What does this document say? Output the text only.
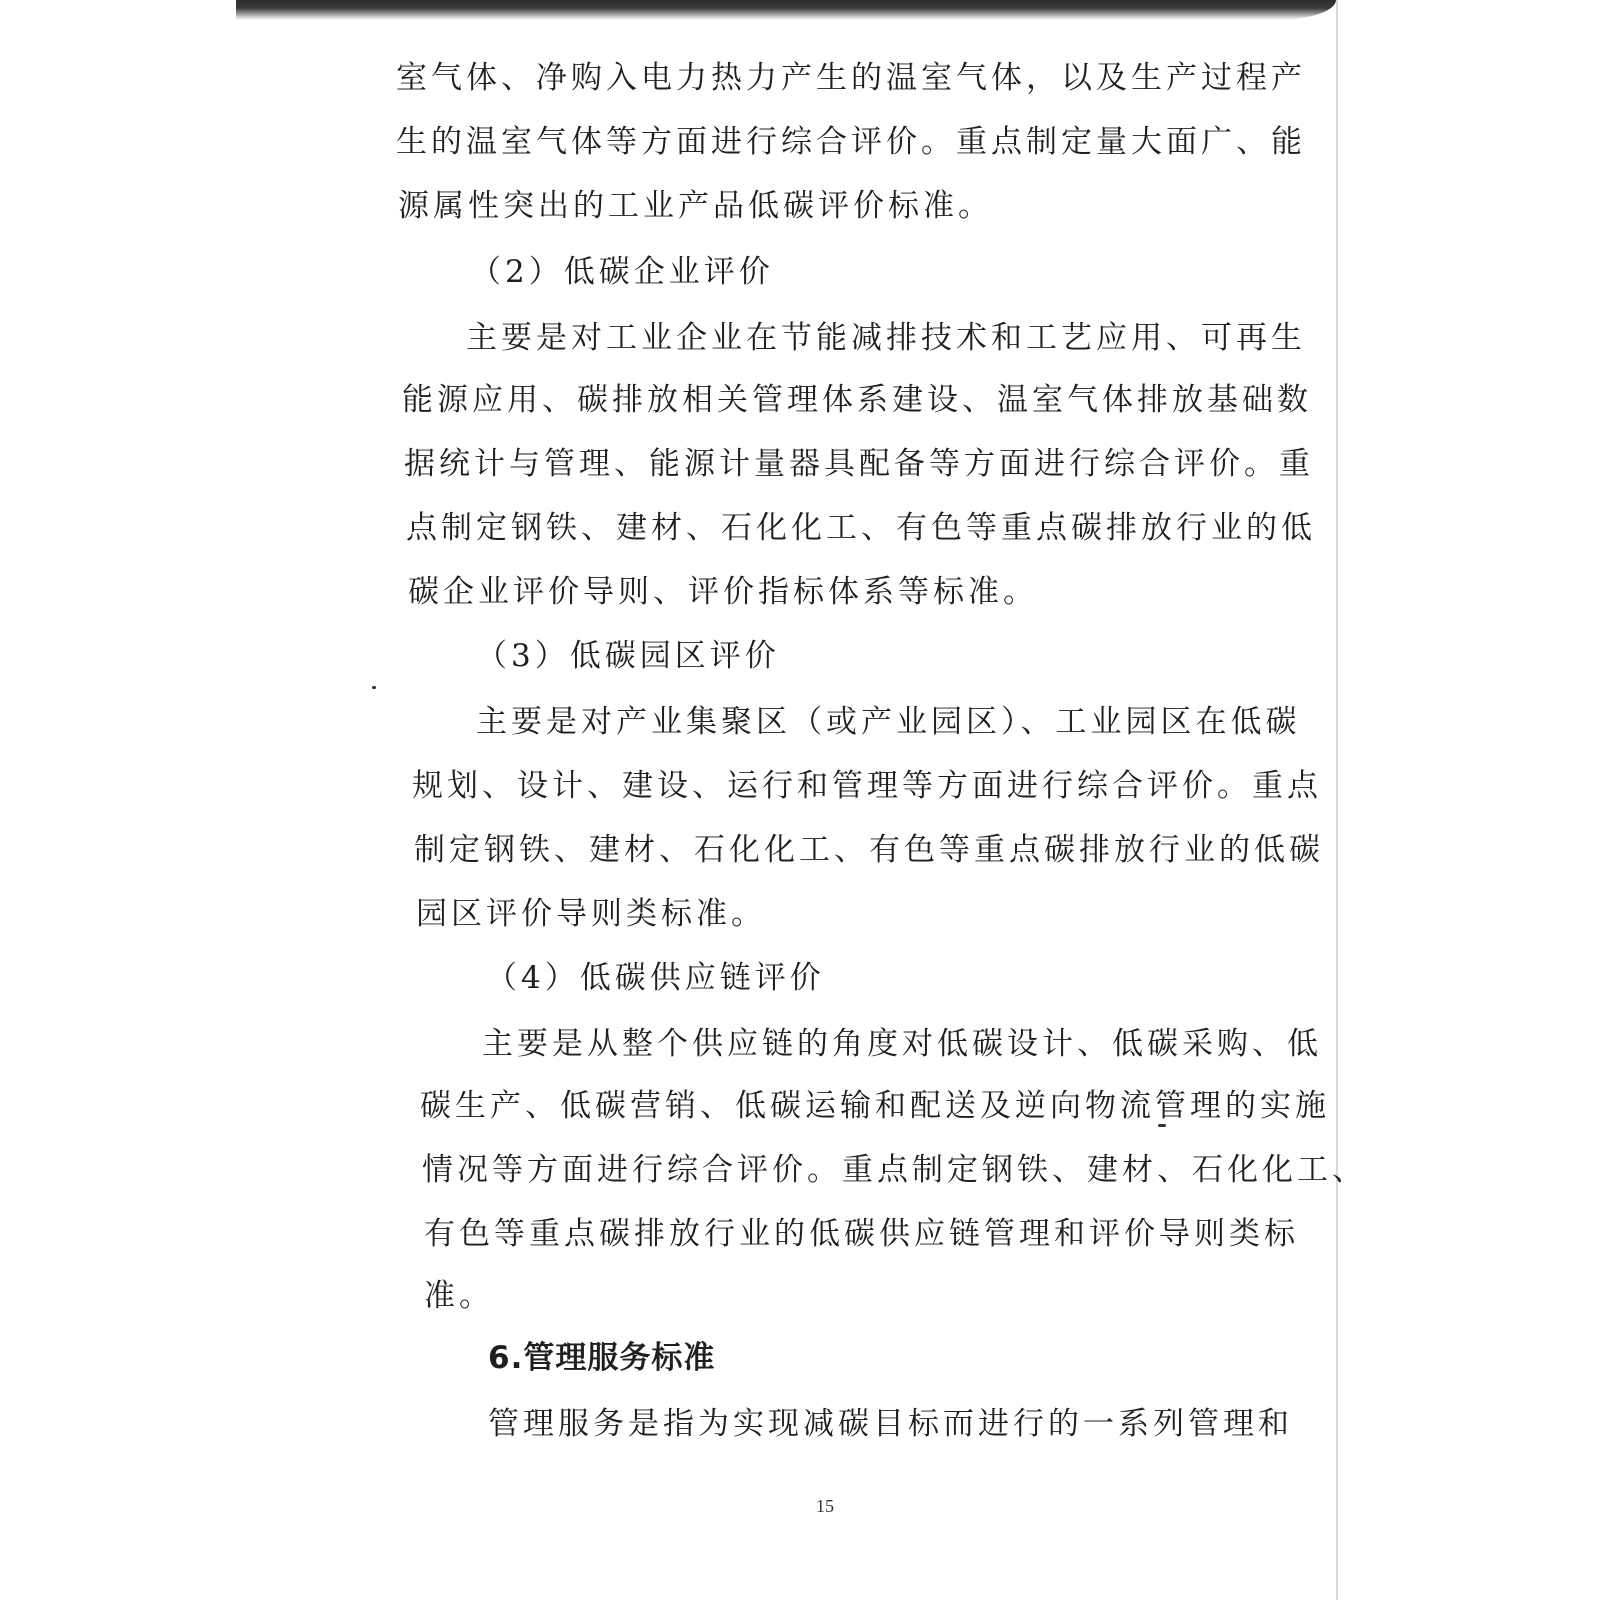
室气体、净购入电力热力产生的温室气体，以及生产过程产
生的温室气体等方面进行综合评价。重点制定量大面广、能
源属性突出的工业产品低碳评价标准。
（2）低碳企业评价
主要是对工业企业在节能减排技术和工艺应用、可再生
能源应用、碳排放相关管理体系建设、温室气体排放基础数
据统计与管理、能源计量器具配备等方面进行综合评价。重
点制定钢铁、建材、石化化工、有色等重点碳排放行业的低
碳企业评价导则、评价指标体系等标准。
（3）低碳园区评价
主要是对产业集聚区（或产业园区）、工业园区在低碳
规划、设计、建设、运行和管理等方面进行综合评价。重点
制定钢铁、建材、石化化工、有色等重点碳排放行业的低碳
园区评价导则类标准。
（4）低碳供应链评价
主要是从整个供应链的角度对低碳设计、低碳采购、低
碳生产、低碳营销、低碳运输和配送及逆向物流管理的实施
情况等方面进行综合评价。重点制定钢铁、建材、石化化工、
有色等重点碳排放行业的低碳供应链管理和评价导则类标
准。
6.管理服务标准
管理服务是指为实现减碳目标而进行的一系列管理和
15
